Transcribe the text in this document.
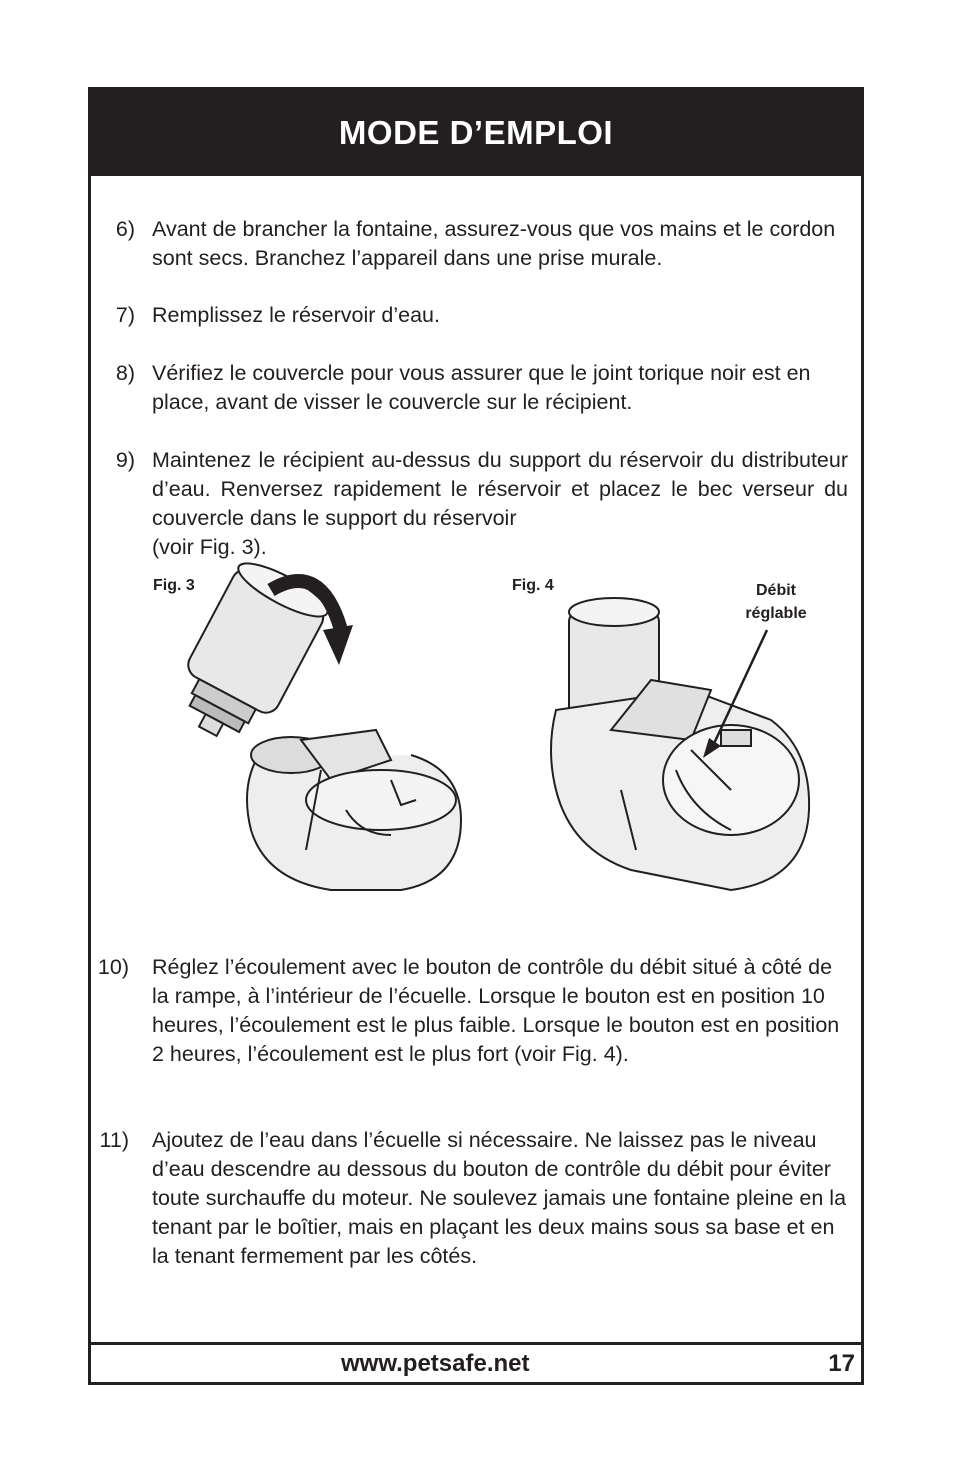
MODE D’EMPLOI
6) Avant de brancher la fontaine, assurez-vous que vos mains et le cordon sont secs. Branchez l’appareil dans une prise murale.
7) Remplissez le réservoir d’eau.
8) Vérifiez le couvercle pour vous assurer que le joint torique noir est en place, avant de visser le couvercle sur le récipient.
9) Maintenez le récipient au-dessus du support du réservoir du distributeur d’eau. Renversez rapidement le réservoir et placez le bec verseur du couvercle dans le support du réservoir
(voir Fig. 3).
Fig. 3	Fig. 4	Débit
réglable
10) Réglez l’écoulement avec le bouton de contrôle du débit situé à côté de la rampe, à l’intérieur de l’écuelle. Lorsque le bouton est en position 10 heures, l’écoulement est le plus faible. Lorsque le bouton est en position 2 heures, l’écoulement est le plus fort (voir Fig. 4).
11) Ajoutez de l’eau dans l’écuelle si nécessaire. Ne laissez pas le niveau d’eau descendre au dessous du bouton de contrôle du débit pour éviter toute surchauffe du moteur. Ne soulevez jamais une fontaine pleine en la tenant par le boîtier, mais en plaçant les deux mains sous sa base et en la tenant fermement par les côtés.
www.petsafe.net	17
